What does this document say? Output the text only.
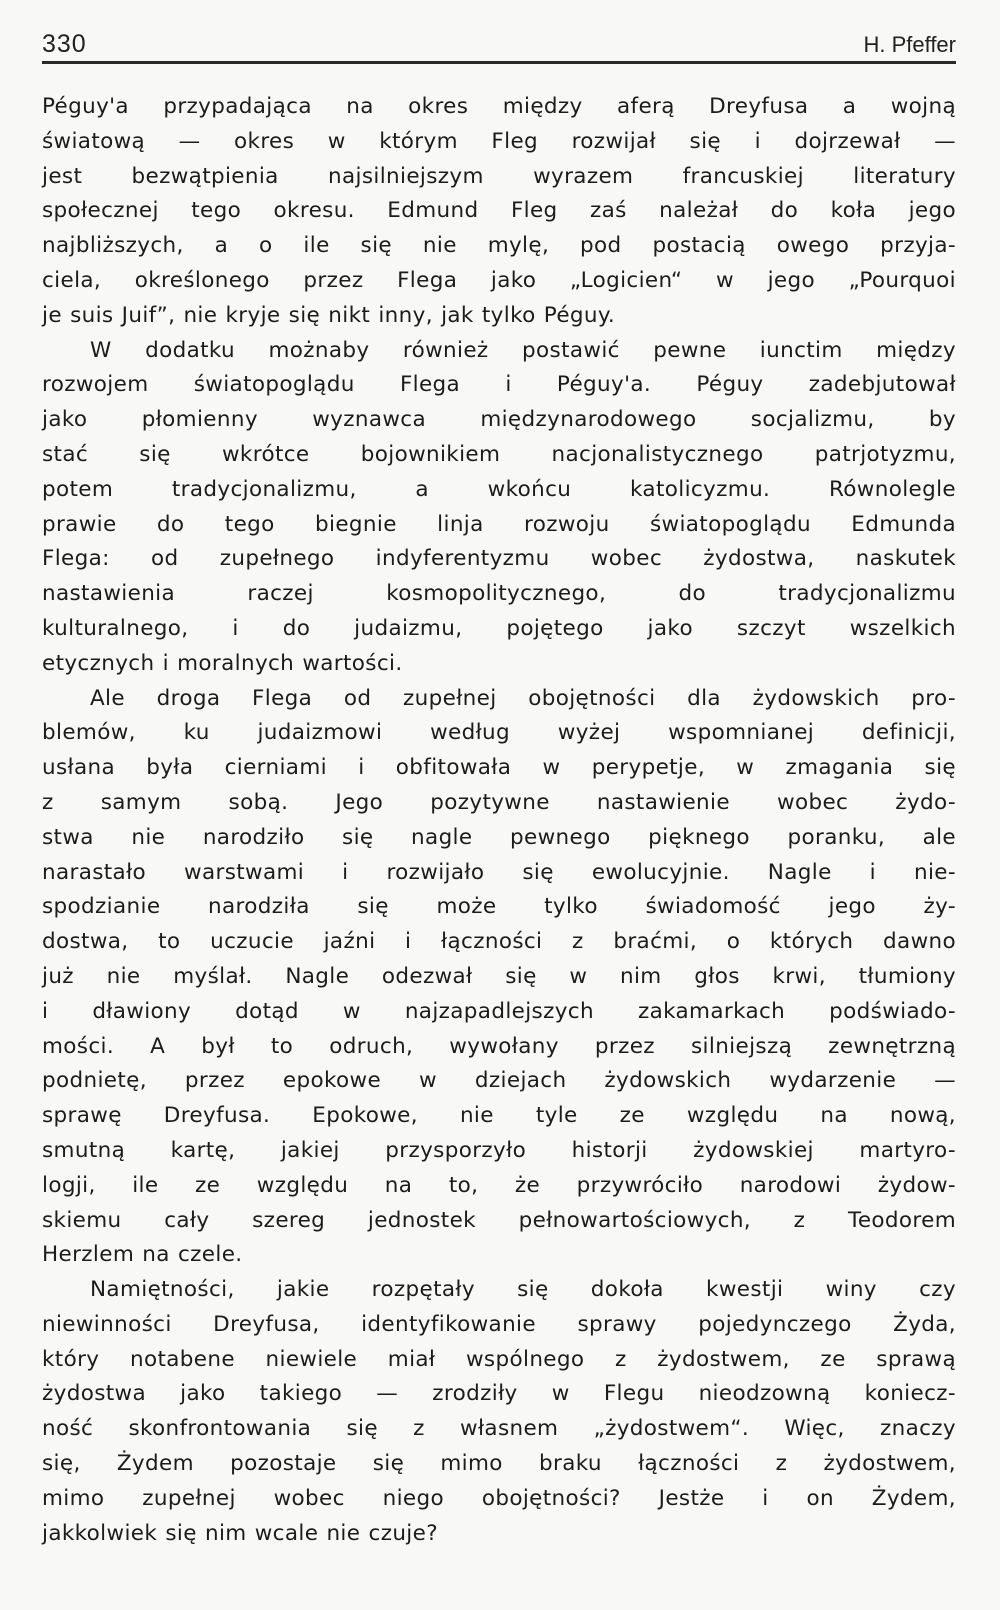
330	H. Pfeffer
Péguy'a przypadająca na okres między aferą Dreyfusa a wojną
światową — okres w którym Fleg rozwijał się i dojrzewał —
jest bezwątpienia najsilniejszym wyrazem francuskiej literatury
społecznej tego okresu. Edmund Fleg zaś należał do koła jego
najbliższych, a o ile się nie mylę, pod postacią owego przyja-
ciela, określonego przez Flega jako „Logicien“ w jego „Pourquoi
je suis Juif”, nie kryje się nikt inny, jak tylko Péguy.
W dodatku możnaby również postawić pewne iunctim między
rozwojem światopoglądu Flega i Péguy'a. Péguy zadebjutował
jako płomienny wyznawca międzynarodowego socjalizmu, by
stać się wkrótce bojownikiem nacjonalistycznego patrjotyzmu,
potem tradycjonalizmu, a wkońcu katolicyzmu. Równolegle
prawie do tego biegnie linja rozwoju światopoglądu Edmunda
Flega: od zupełnego indyferentyzmu wobec żydostwa, naskutek
nastawienia raczej kosmopolitycznego, do tradycjonalizmu
kulturalnego, i do judaizmu, pojętego jako szczyt wszelkich
etycznych i moralnych wartości.
Ale droga Flega od zupełnej obojętności dla żydowskich pro-
blemów, ku judaizmowi według wyżej wspomnianej definicji,
usłana była cierniami i obfitowała w perypetje, w zmagania się
z samym sobą. Jego pozytywne nastawienie wobec żydo-
stwa nie narodziło się nagle pewnego pięknego poranku, ale
narastało warstwami i rozwijało się ewolucyjnie. Nagle i nie-
spodzianie narodziła się może tylko świadomość jego ży-
dostwa, to uczucie jaźni i łączności z braćmi, o których dawno
już nie myślał. Nagle odezwał się w nim głos krwi, tłumiony
i dławiony dotąd w najzapadlejszych zakamarkach podświado-
mości. A był to odruch, wywołany przez silniejszą zewnętrzną
podnietę, przez epokowe w dziejach żydowskich wydarzenie —
sprawę Dreyfusa. Epokowe, nie tyle ze względu na nową,
smutną kartę, jakiej przysporzyło historji żydowskiej martyro-
logji, ile ze względu na to, że przywróciło narodowi żydow-
skiemu cały szereg jednostek pełnowartościowych, z Teodorem
Herzlem na czele.
Namiętności, jakie rozpętały się dokoła kwestji winy czy
niewinności Dreyfusa, identyfikowanie sprawy pojedynczego Żyda,
który notabene niewiele miał wspólnego z żydostwem, ze sprawą
żydostwa jako takiego — zrodziły w Flegu nieodzowną koniecz-
ność skonfrontowania się z własnem „żydostwem“. Więc, znaczy
się, Żydem pozostaje się mimo braku łączności z żydostwem,
mimo zupełnej wobec niego obojętności? Jestże i on Żydem,
jakkolwiek się nim wcale nie czuje?
